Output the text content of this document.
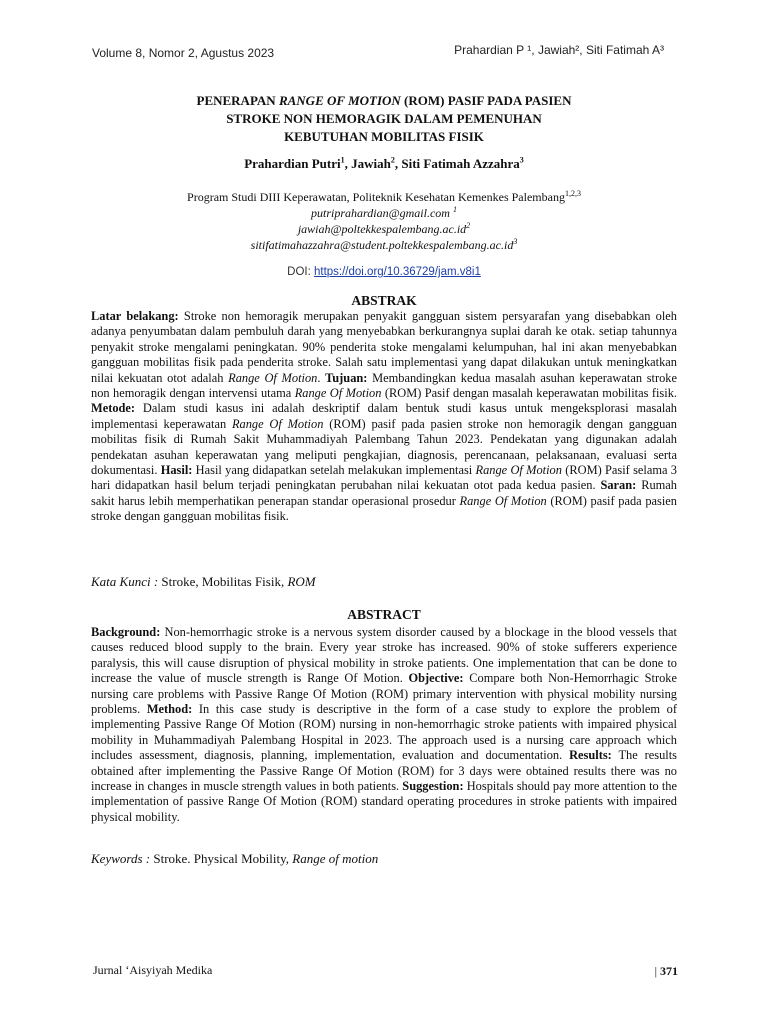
Volume 8, Nomor 2, Agustus 2023	Prahardian P ¹, Jawiah², Siti Fatimah A³
PENERAPAN RANGE OF MOTION (ROM) PASIF PADA PASIEN
STROKE NON HEMORAGIK DALAM PEMENUHAN
KEBUTUHAN MOBILITAS FISIK
Prahardian Putri$^1$, Jawiah$^2$, Siti Fatimah Azzahra$^3$
Program Studi DIII Keperawatan, Politeknik Kesehatan Kemenkes Palembang$^{1,2,3}$
putriprahardian@gmail.com $^1$
$jawiah@poltekkespalembang.ac.id^2$
$sitifatimahazzahra@student.poltekkespalembang.ac.id^3$
DOI: https://doi.org/10.36729/jam.v8i1
ABSTRAK
Latar belakang: Stroke non hemoragik merupakan penyakit gangguan sistem persyarafan yang disebabkan oleh adanya penyumbatan dalam pembuluh darah yang menyebabkan berkurangnya suplai darah ke otak. setiap tahunnya penyakit stroke mengalami peningkatan. 90% penderita stoke mengalami kelumpuhan, hal ini akan menyebabkan gangguan mobilitas fisik pada penderita stroke. Salah satu implementasi yang dapat dilakukan untuk meningkatkan nilai kekuatan otot adalah Range Of Motion. Tujuan: Membandingkan kedua masalah asuhan keperawatan stroke non hemoragik dengan intervensi utama Range Of Motion (ROM) Pasif dengan masalah keperawatan mobilitas fisik. Metode: Dalam studi kasus ini adalah deskriptif dalam bentuk studi kasus untuk mengeksplorasi masalah implementasi keperawatan Range Of Motion (ROM) pasif pada pasien stroke non hemoragik dengan gangguan mobilitas fisik di Rumah Sakit Muhammadiyah Palembang Tahun 2023. Pendekatan yang digunakan adalah pendekatan asuhan keperawatan yang meliputi pengkajian, diagnosis, perencanaan, pelaksanaan, evaluasi serta dokumentasi. Hasil: Hasil yang didapatkan setelah melakukan implementasi Range Of Motion (ROM) Pasif selama 3 hari didapatkan hasil belum terjadi peningkatan perubahan nilai kekuatan otot pada kedua pasien. Saran: Rumah sakit harus lebih memperhatikan penerapan standar operasional prosedur Range Of Motion (ROM) pasif pada pasien stroke dengan gangguan mobilitas fisik.
Kata Kunci : Stroke, Mobilitas Fisik, ROM
ABSTRACT
Background: Non-hemorrhagic stroke is a nervous system disorder caused by a blockage in the blood vessels that causes reduced blood supply to the brain. Every year stroke has increased. 90% of stoke sufferers experience paralysis, this will cause disruption of physical mobility in stroke patients. One implementation that can be done to increase the value of muscle strength is Range Of Motion. Objective: Compare both Non-Hemorrhagic Stroke nursing care problems with Passive Range Of Motion (ROM) primary intervention with physical mobility nursing problems. Method: In this case study is descriptive in the form of a case study to explore the problem of implementing Passive Range Of Motion (ROM) nursing in non-hemorrhagic stroke patients with impaired physical mobility in Muhammadiyah Palembang Hospital in 2023. The approach used is a nursing care approach which includes assessment, diagnosis, planning, implementation, evaluation and documentation. Results: The results obtained after implementing the Passive Range Of Motion (ROM) for 3 days were obtained results there was no increase in changes in muscle strength values in both patients. Suggestion: Hospitals should pay more attention to the implementation of passive Range Of Motion (ROM) standard operating procedures in stroke patients with impaired physical mobility.
Keywords : Stroke. Physical Mobility, Range of motion
Jurnal ‘Aisyiyah Medika	| 371
